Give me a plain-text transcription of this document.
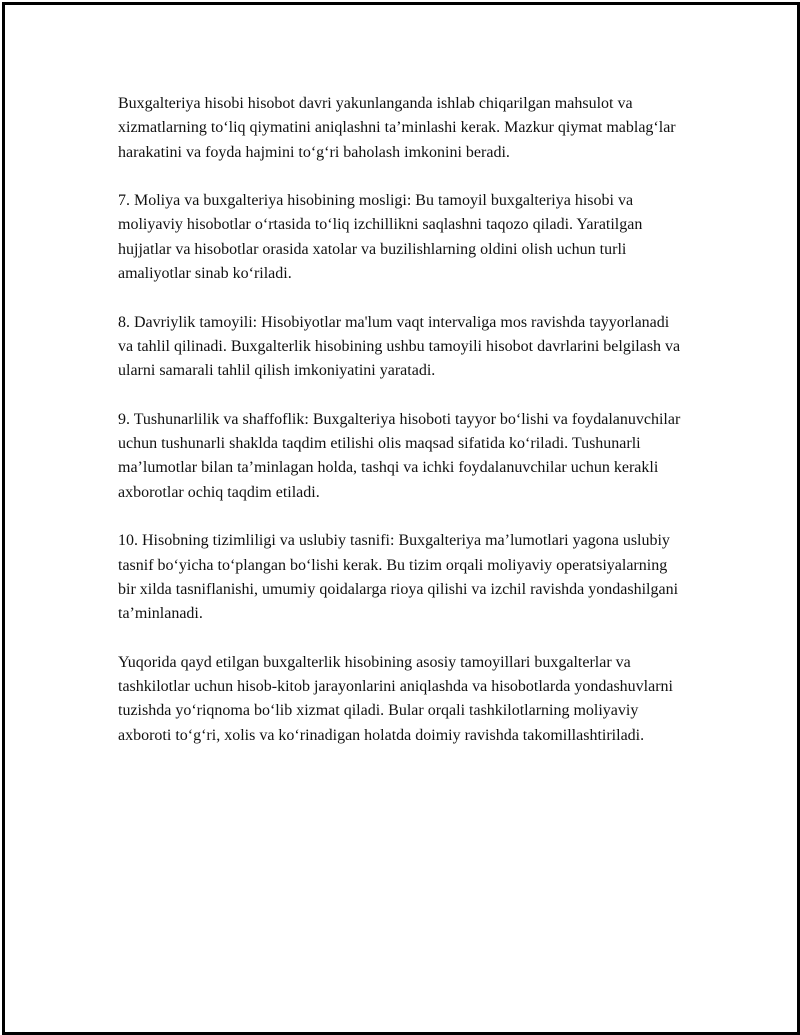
Buxgalteriya hisobi hisobot davri yakunlanganda ishlab chiqarilgan mahsulot va xizmatlarning to‘liq qiymatini aniqlashni ta’minlashi kerak. Mazkur qiymat mablag‘lar harakatini va foyda hajmini to‘g‘ri baholash imkonini beradi.

7. Moliya va buxgalteriya hisobining mosligi: Bu tamoyil buxgalteriya hisobi va moliyaviy hisobotlar o‘rtasida to‘liq izchillikni saqlashni taqozo qiladi. Yaratilgan hujjatlar va hisobotlar orasida xatolar va buzilishlarning oldini olish uchun turli amaliyotlar sinab ko‘riladi.

8. Davriylik tamoyili: Hisobiyotlar ma'lum vaqt intervaliga mos ravishda tayyorlanadi va tahlil qilinadi. Buxgalterlik hisobining ushbu tamoyili hisobot davrlarini belgilash va ularni samarali tahlil qilish imkoniyatini yaratadi.

9. Tushunarlilik va shaffoflik: Buxgalteriya hisoboti tayyor bo‘lishi va foydalanuvchilar uchun tushunarli shaklda taqdim etilishi olis maqsad sifatida ko‘riladi. Tushunarli ma’lumotlar bilan ta’minlagan holda, tashqi va ichki foydalanuvchilar uchun kerakli axborotlar ochiq taqdim etiladi.

10. Hisobning tizimliligi va uslubiy tasnifi: Buxgalteriya ma’lumotlari yagona uslubiy tasnif bo‘yicha to‘plangan bo‘lishi kerak. Bu tizim orqali moliyaviy operatsiyalarning bir xilda tasniflanishi, umumiy qoidalarga rioya qilishi va izchil ravishda yondashilgani ta’minlanadi.

Yuqorida qayd etilgan buxgalterlik hisobining asosiy tamoyillari buxgalterlar va tashkilotlar uchun hisob-kitob jarayonlarini aniqlashda va hisobotlarda yondashuvlarni tuzishda yo‘riqnoma bo‘lib xizmat qiladi. Bular orqali tashkilotlarning moliyaviy axboroti to‘g‘ri, xolis va ko‘rinadigan holatda doimiy ravishda takomillashtiriladi.
